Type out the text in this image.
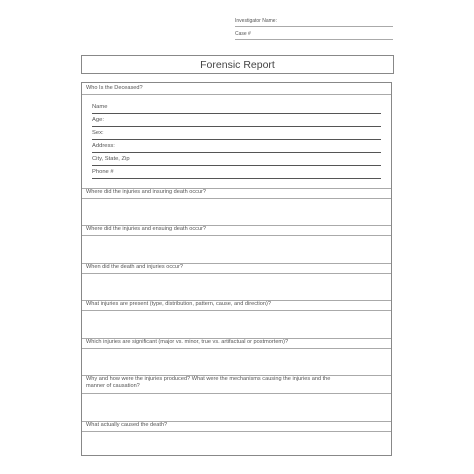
Investigator Name:
Case #
Forensic Report
Who Is the Deceased?
Name
Age:
Sex:
Address:
City, State, Zip
Phone #
Where did the injuries and insuring death occur?
Where did the injuries and ensuing death occur?
When did the death and injuries occur?
What injuries are present (type, distribution, pattern, cause, and direction)?
Which injuries are significant (major vs. minor, true vs. artifactual or postmortem)?
Why and how were the injuries produced? What were the mechanisms causing the injuries and the manner of causation?
What actually caused the death?
